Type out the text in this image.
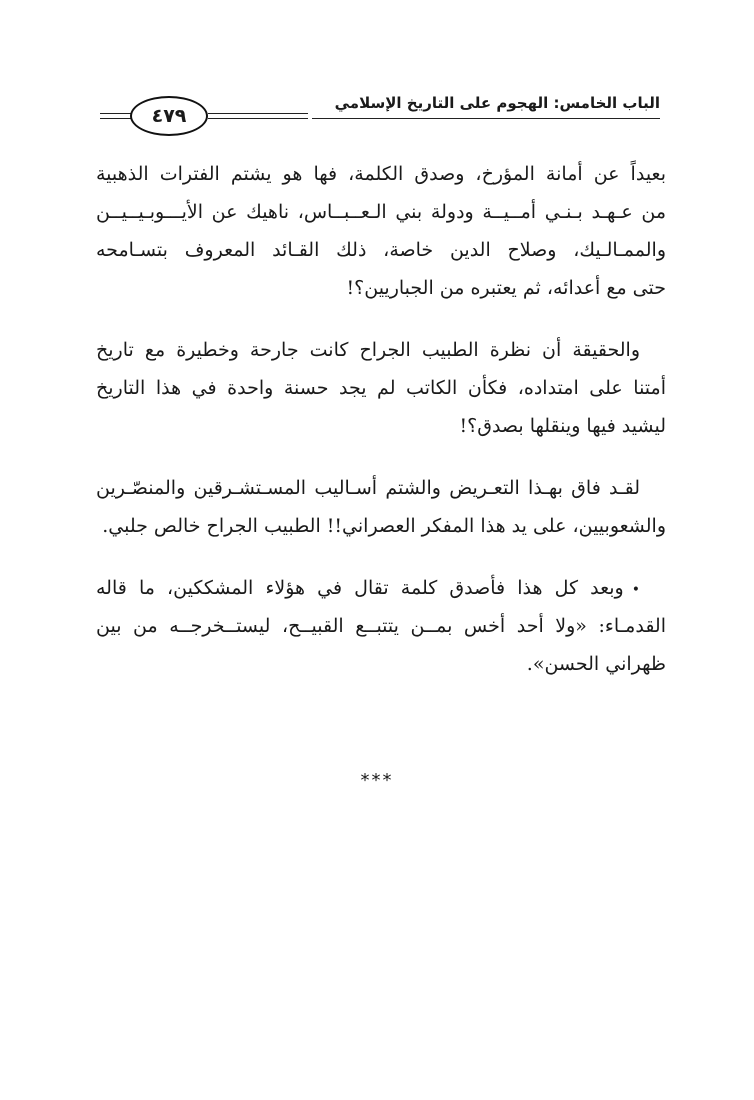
الباب الخامس: الهجوم على التاريخ الإسلامي
٤٧٩
بعيداً عن أمانة المؤرخ، وصدق الكلمة، فها هو يشتم الفترات الذهبية
من عـهـد بـنـي أمــيــة ودولة بني الـعــبــاس، ناهيك عن الأيـــوبـيــيــن
والممـالـيك، وصلاح الدين خاصة، ذلك القـائد المعروف بتسـامحه
حتى مع أعدائه، ثم يعتبره من الجباريين؟!
والحقيقة أن نظرة الطبيب الجراح كانت جارحة وخطيرة مع تاريخ
أمتنا على امتداده، فكأن الكاتب لم يجد حسنة واحدة في هذا التاريخ
ليشيد فيها وينقلها بصدق؟!
لقـد فاق بهـذا التعـريض والشتم أسـاليب المسـتشـرقين والمنصّـرين
والشعوبيين، على يد هذا المفكر العصراني!! الطبيب الجراح خالص جلبي.
•وبعد كل هذا فأصدق كلمة تقال في هؤلاء المشككين، ما قاله
القدمـاء: «ولا أحد أخس بمــن يتتبــع القبيــح، ليستــخرجــه من بين
ظهراني الحسن».
***
